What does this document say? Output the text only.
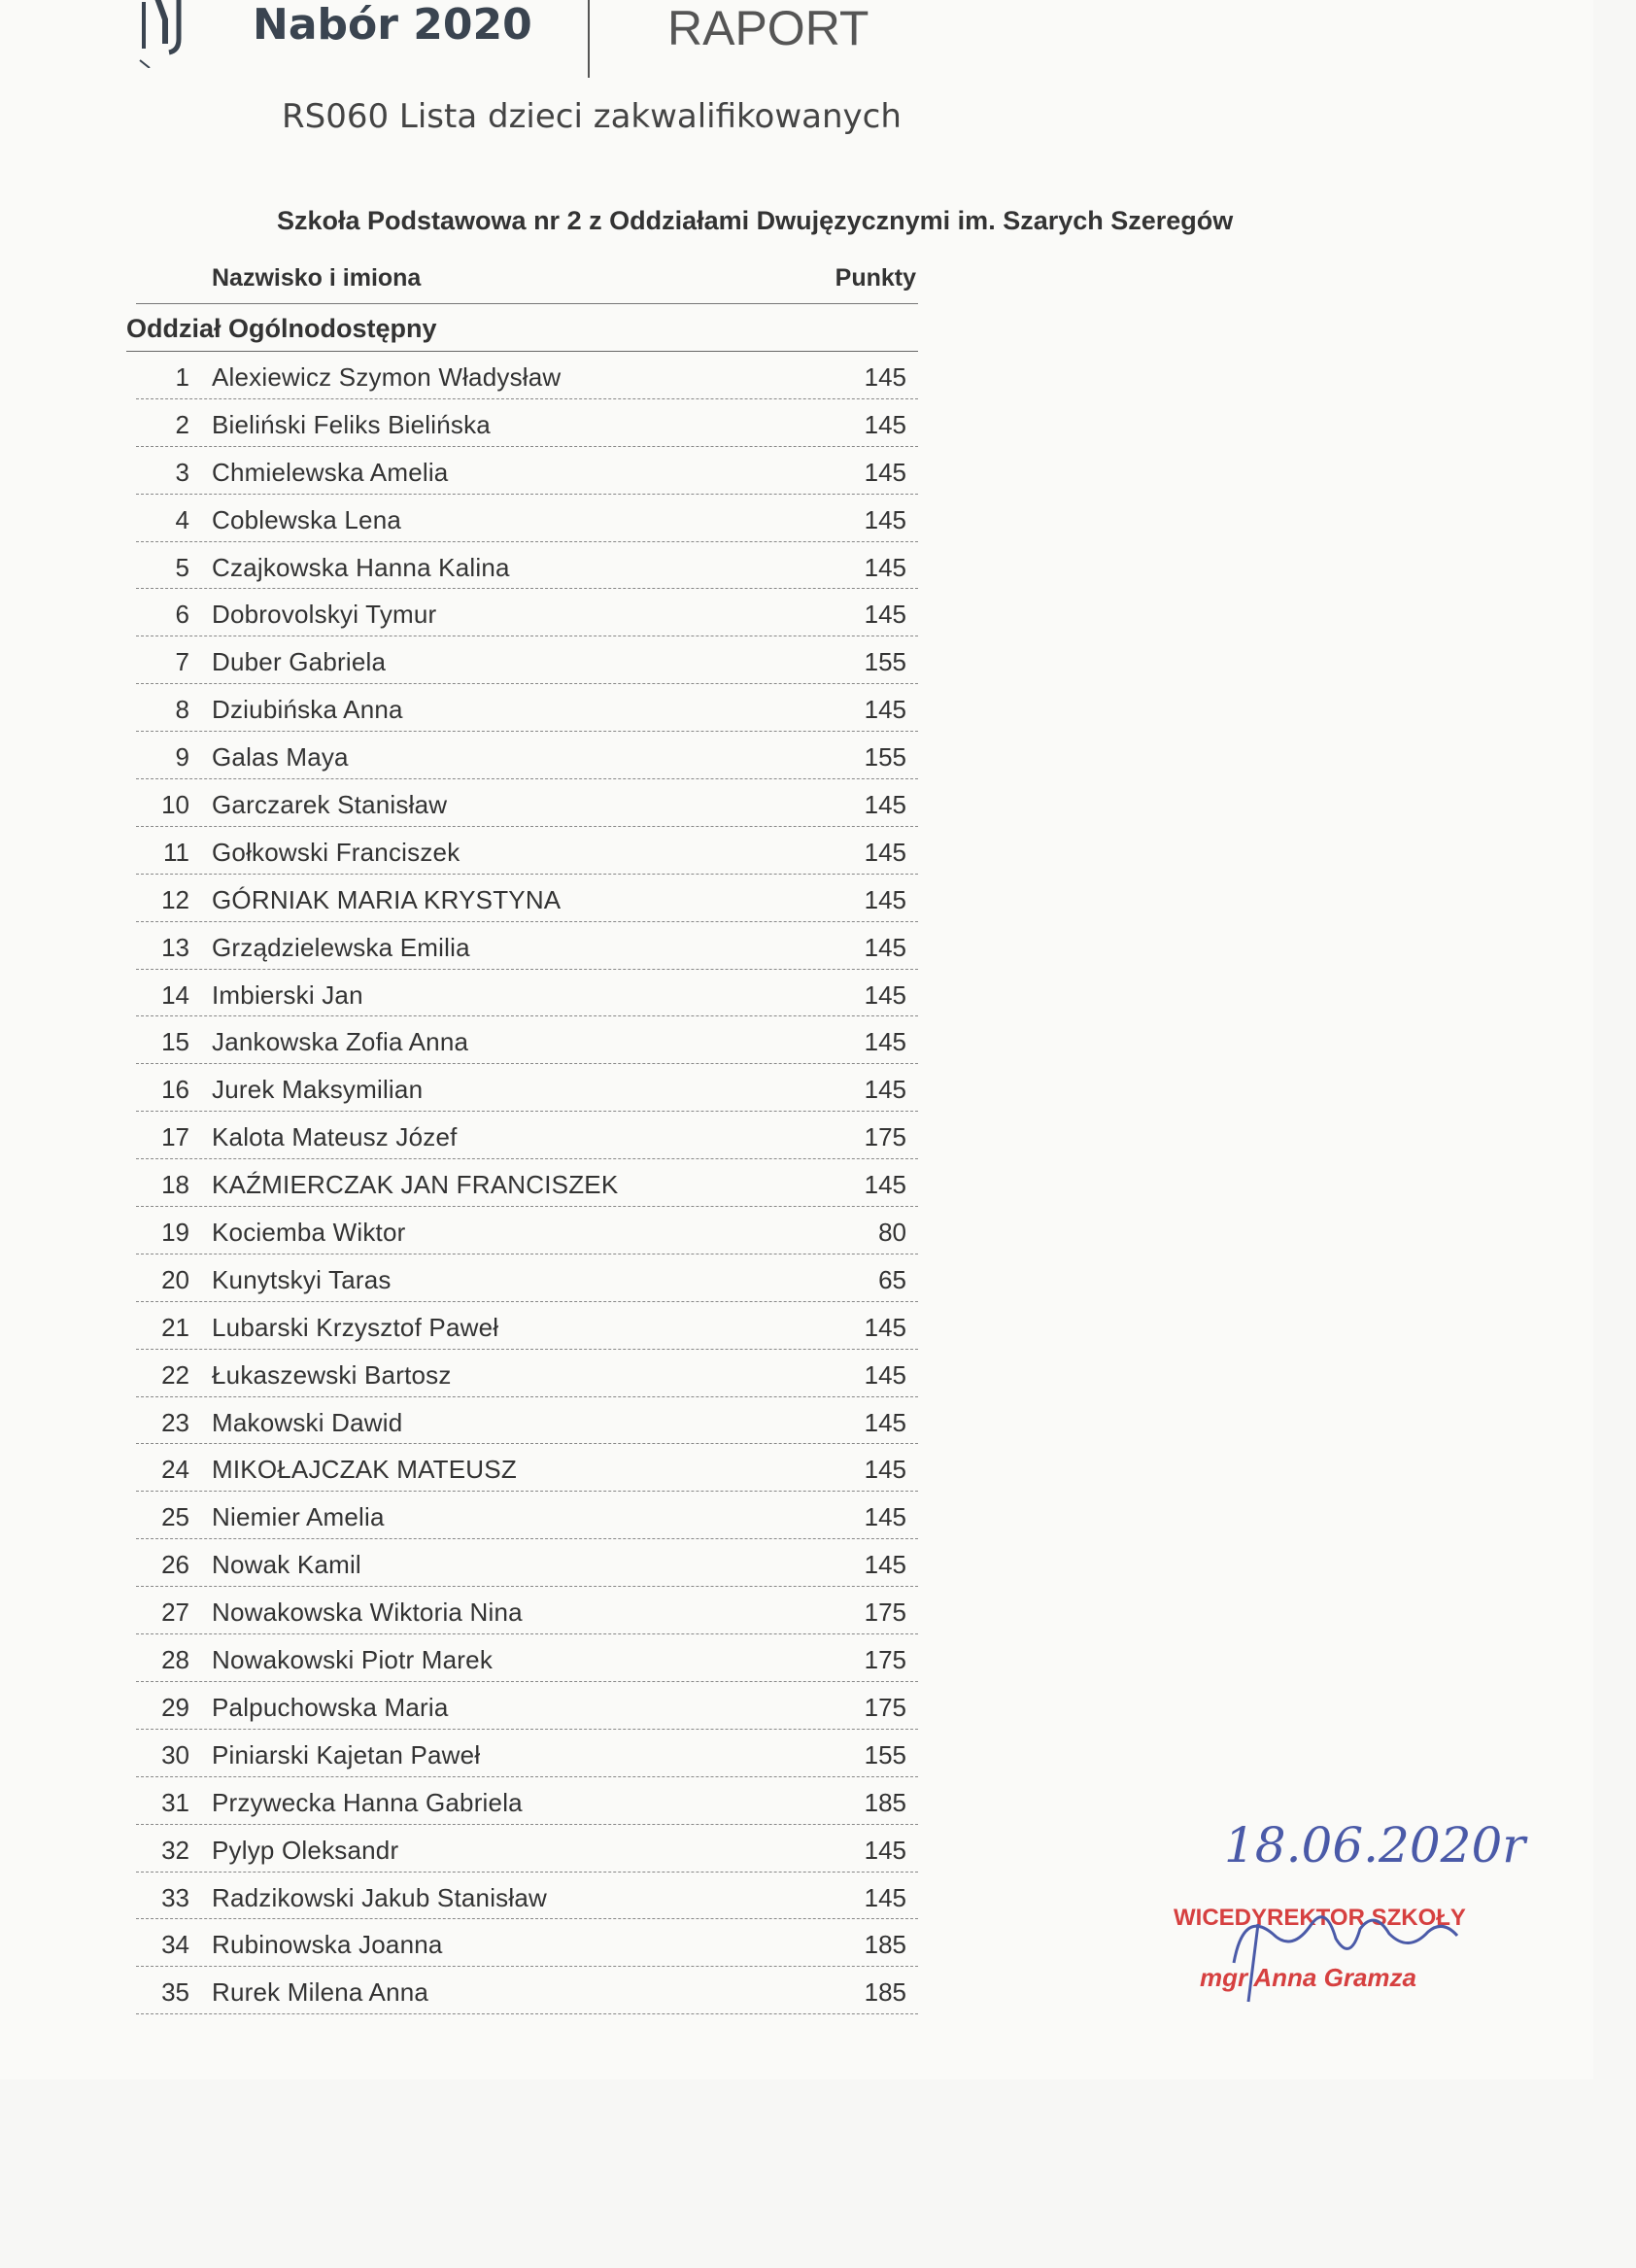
Nabór 2020	RAPORT
RS060 Lista dzieci zakwalifikowanych
Szkoła Podstawowa nr 2 z Oddziałami Dwujęzycznymi im. Szarych Szeregów
Nazwisko i imiona	Punkty
Oddział Ogólnodostępny
1 Alexiewicz Szymon Władysław	145
2 Bieliński Feliks Bielińska	145
3 Chmielewska Amelia	145
4 Coblewska Lena	145
5 Czajkowska Hanna Kalina	145
6 Dobrovolskyi Tymur	145
7 Duber Gabriela	155
8 Dziubińska Anna	145
9 Galas Maya	155
10 Garczarek Stanisław	145
11 Gołkowski Franciszek	145
12 GÓRNIAK MARIA KRYSTYNA	145
13 Grządzielewska Emilia	145
14 Imbierski Jan	145
15 Jankowska Zofia Anna	145
16 Jurek Maksymilian	145
17 Kalota Mateusz Józef	175
18 KAŹMIERCZAK JAN FRANCISZEK	145
19 Kociemba Wiktor	80
20 Kunytskyi Taras	65
21 Lubarski Krzysztof Paweł	145
22 Łukaszewski Bartosz	145
23 Makowski Dawid	145
24 MIKOŁAJCZAK MATEUSZ	145
25 Niemier Amelia	145
26 Nowak Kamil	145
27 Nowakowska Wiktoria Nina	175
28 Nowakowski Piotr Marek	175
29 Palpuchowska Maria	175
30 Piniarski Kajetan Paweł	155
31 Przywecka Hanna Gabriela	185
32 Pylyp Oleksandr	145
33 Radzikowski Jakub Stanisław	145
34 Rubinowska Joanna	185
35 Rurek Milena Anna	185
18.06.2020r
WICEDYREKTOR SZKOŁY
mgr Anna Gramza
